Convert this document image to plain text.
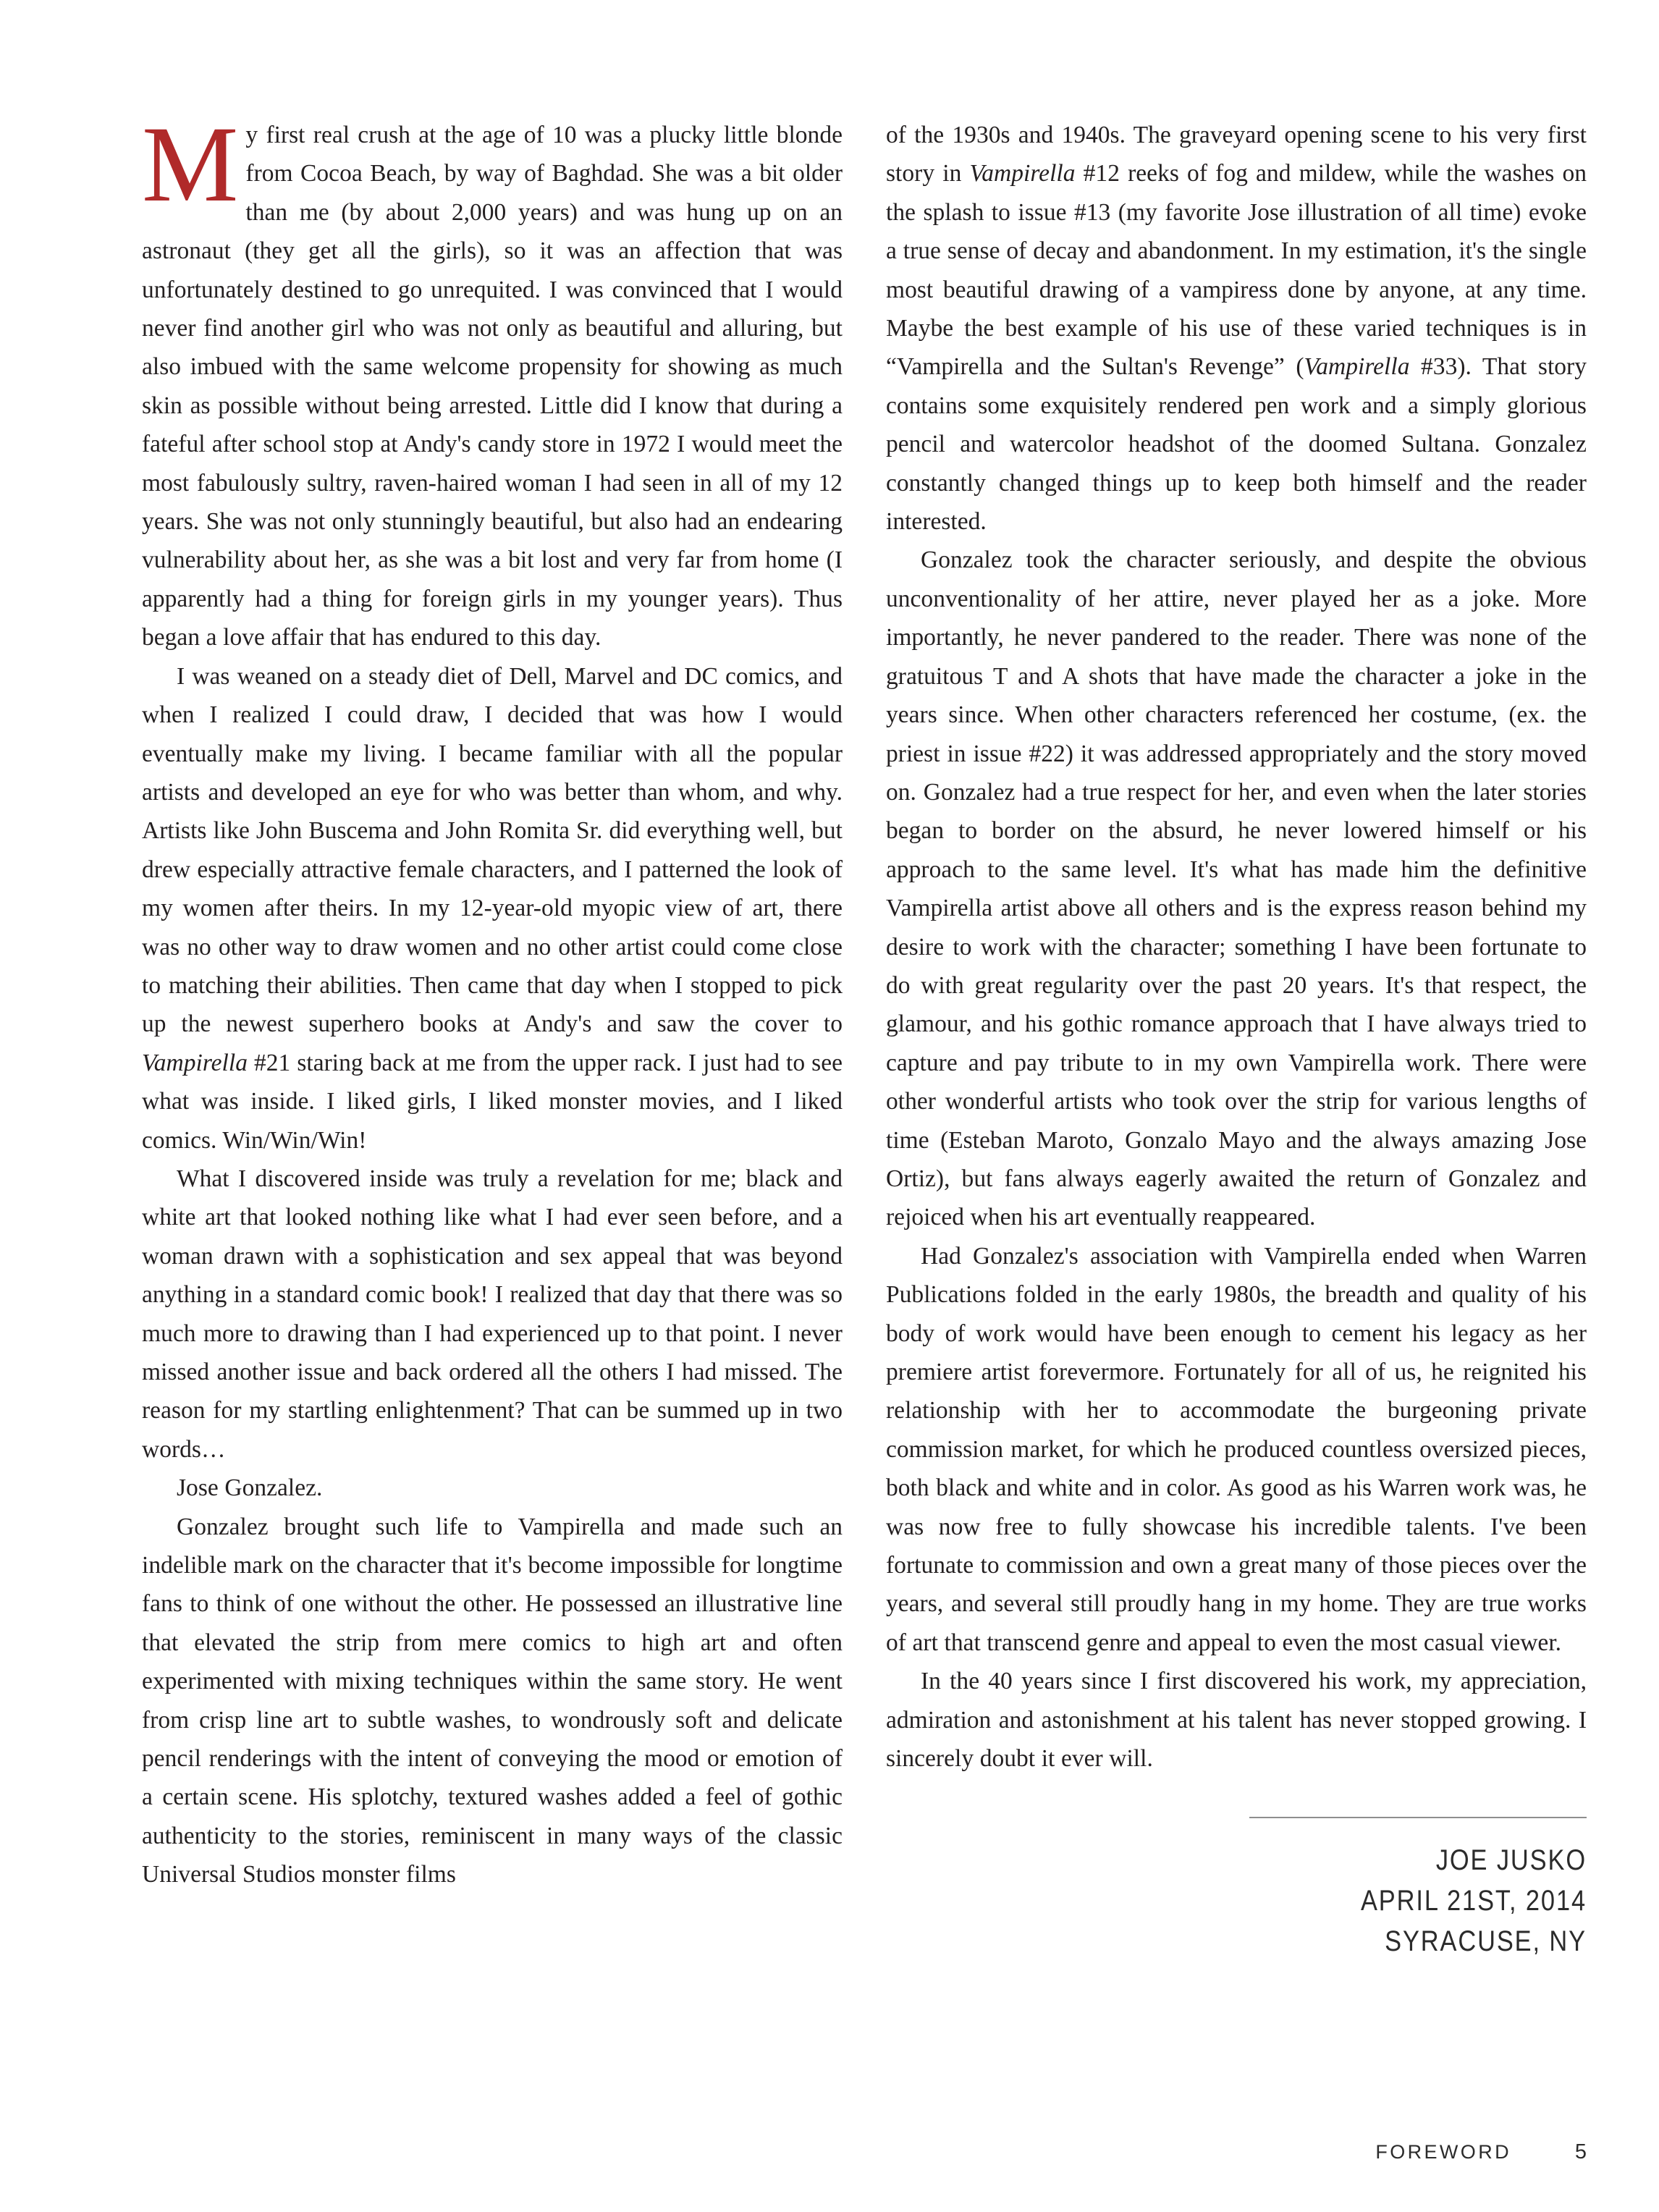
My first real crush at the age of 10 was a plucky little blonde from Cocoa Beach, by way of Baghdad. She was a bit older than me (by about 2,000 years) and was hung up on an astronaut (they get all the girls), so it was an affection that was unfortunately destined to go unrequited. I was convinced that I would never find another girl who was not only as beautiful and alluring, but also imbued with the same welcome propensity for showing as much skin as possible without being arrested. Little did I know that during a fateful after school stop at Andy's candy store in 1972 I would meet the most fabulously sultry, raven-haired woman I had seen in all of my 12 years. She was not only stunningly beautiful, but also had an endearing vulnerability about her, as she was a bit lost and very far from home (I apparently had a thing for foreign girls in my younger years). Thus began a love affair that has endured to this day.

I was weaned on a steady diet of Dell, Marvel and DC comics, and when I realized I could draw, I decided that was how I would eventually make my living. I became familiar with all the popular artists and developed an eye for who was better than whom, and why. Artists like John Buscema and John Romita Sr. did everything well, but drew especially attractive female characters, and I patterned the look of my women after theirs. In my 12-year-old myopic view of art, there was no other way to draw women and no other artist could come close to matching their abilities. Then came that day when I stopped to pick up the newest superhero books at Andy's and saw the cover to Vampirella #21 staring back at me from the upper rack. I just had to see what was inside. I liked girls, I liked monster movies, and I liked comics. Win/Win/Win!

What I discovered inside was truly a revelation for me; black and white art that looked nothing like what I had ever seen before, and a woman drawn with a sophistication and sex appeal that was beyond anything in a standard comic book! I realized that day that there was so much more to drawing than I had experienced up to that point. I never missed another issue and back ordered all the others I had missed. The reason for my startling enlightenment? That can be summed up in two words…

Jose Gonzalez.

Gonzalez brought such life to Vampirella and made such an indelible mark on the character that it's become impossible for longtime fans to think of one without the other. He possessed an illustrative line that elevated the strip from mere comics to high art and often experimented with mixing techniques within the same story. He went from crisp line art to subtle washes, to wondrously soft and delicate pencil renderings with the intent of conveying the mood or emotion of a certain scene. His splotchy, textured washes added a feel of gothic authenticity to the stories, reminiscent in many ways of the classic Universal Studios monster films

of the 1930s and 1940s. The graveyard opening scene to his very first story in Vampirella #12 reeks of fog and mildew, while the washes on the splash to issue #13 (my favorite Jose illustration of all time) evoke a true sense of decay and abandonment. In my estimation, it's the single most beautiful drawing of a vampiress done by anyone, at any time. Maybe the best example of his use of these varied techniques is in “Vampirella and the Sultan's Revenge” (Vampirella #33). That story contains some exquisitely rendered pen work and a simply glorious pencil and watercolor headshot of the doomed Sultana. Gonzalez constantly changed things up to keep both himself and the reader interested.

Gonzalez took the character seriously, and despite the obvious unconventionality of her attire, never played her as a joke. More importantly, he never pandered to the reader. There was none of the gratuitous T and A shots that have made the character a joke in the years since. When other characters referenced her costume, (ex. the priest in issue #22) it was addressed appropriately and the story moved on. Gonzalez had a true respect for her, and even when the later stories began to border on the absurd, he never lowered himself or his approach to the same level. It's what has made him the definitive Vampirella artist above all others and is the express reason behind my desire to work with the character; something I have been fortunate to do with great regularity over the past 20 years. It's that respect, the glamour, and his gothic romance approach that I have always tried to capture and pay tribute to in my own Vampirella work. There were other wonderful artists who took over the strip for various lengths of time (Esteban Maroto, Gonzalo Mayo and the always amazing Jose Ortiz), but fans always eagerly awaited the return of Gonzalez and rejoiced when his art eventually reappeared.

Had Gonzalez's association with Vampirella ended when Warren Publications folded in the early 1980s, the breadth and quality of his body of work would have been enough to cement his legacy as her premiere artist forevermore. Fortunately for all of us, he reignited his relationship with her to accommodate the burgeoning private commission market, for which he produced countless oversized pieces, both black and white and in color. As good as his Warren work was, he was now free to fully showcase his incredible talents. I've been fortunate to commission and own a great many of those pieces over the years, and several still proudly hang in my home. They are true works of art that transcend genre and appeal to even the most casual viewer.

In the 40 years since I first discovered his work, my appreciation, admiration and astonishment at his talent has never stopped growing. I sincerely doubt it ever will.

JOE JUSKO
APRIL 21ST, 2014
SYRACUSE, NY
FOREWORD	5
